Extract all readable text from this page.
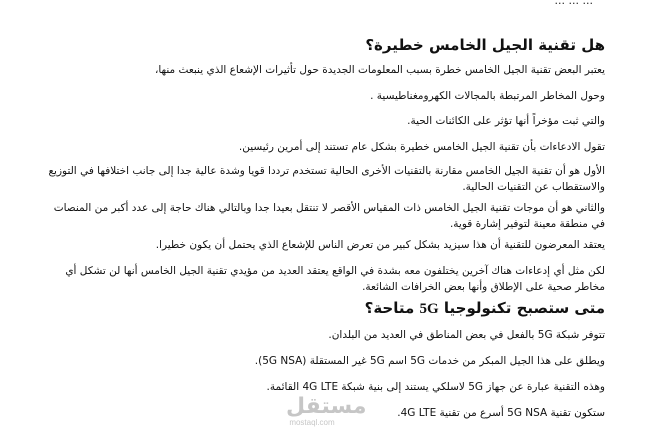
... ... ...
هل تقنية الجيل الخامس خطيرة؟
يعتبر البعض تقنية الجيل الخامس خطرة بسبب المعلومات الجديدة حول تأثيرات الإشعاع الذي ينبعث منها،
وحول المخاطر المرتبطة بالمجالات الكهرومغناطيسية .
والتي ثبت مؤخراً أنها تؤثر على الكائنات الحية.
تقول الادعاءات بأن تقنية الجيل الخامس خطيرة بشكل عام تستند إلى أمرين رئيسين.
الأول هو أن تقنية الجيل الخامس مقارنة بالتقنيات الأخرى الحالية تستخدم ترددا قويا وشدة عالية جدا إلى جانب اختلافها في التوزيع والاستقطاب عن التقنيات الحالية.
والثاني هو أن موجات تقنية الجيل الخامس ذات المقياس الأقصر لا تنتقل بعيدا جدا وبالتالي هناك حاجة إلى عدد أكبر من المنصات في منطقة معينة لتوفير إشارة قوية.
يعتقد المعرضون للتقنية أن هذا سيزيد بشكل كبير من تعرض الناس للإشعاع الذي يحتمل أن يكون خطيرا.
لكن مثل أي إدعاءات هناك آخرين يختلفون معه بشدة في الواقع يعتقد العديد من مؤيدي تقنية الجيل الخامس أنها لن تشكل أي مخاطر صحية على الإطلاق وأنها بعض الخرافات الشائعة.
متى ستصبح تكنولوجيا 5G متاحة؟
تتوفر شبكة 5G بالفعل في بعض المناطق في العديد من البلدان.
ويطلق على هذا الجيل المبكر من خدمات 5G اسم 5G غير المستقلة (5G NSA).
وهذه التقنية عبارة عن جهاز 5G لاسلكي يستند إلى بنية شبكة 4G LTE القائمة.
ستكون تقنية 5G NSA أسرع من تقنية 4G LTE.
مستقل
mostaql.com
